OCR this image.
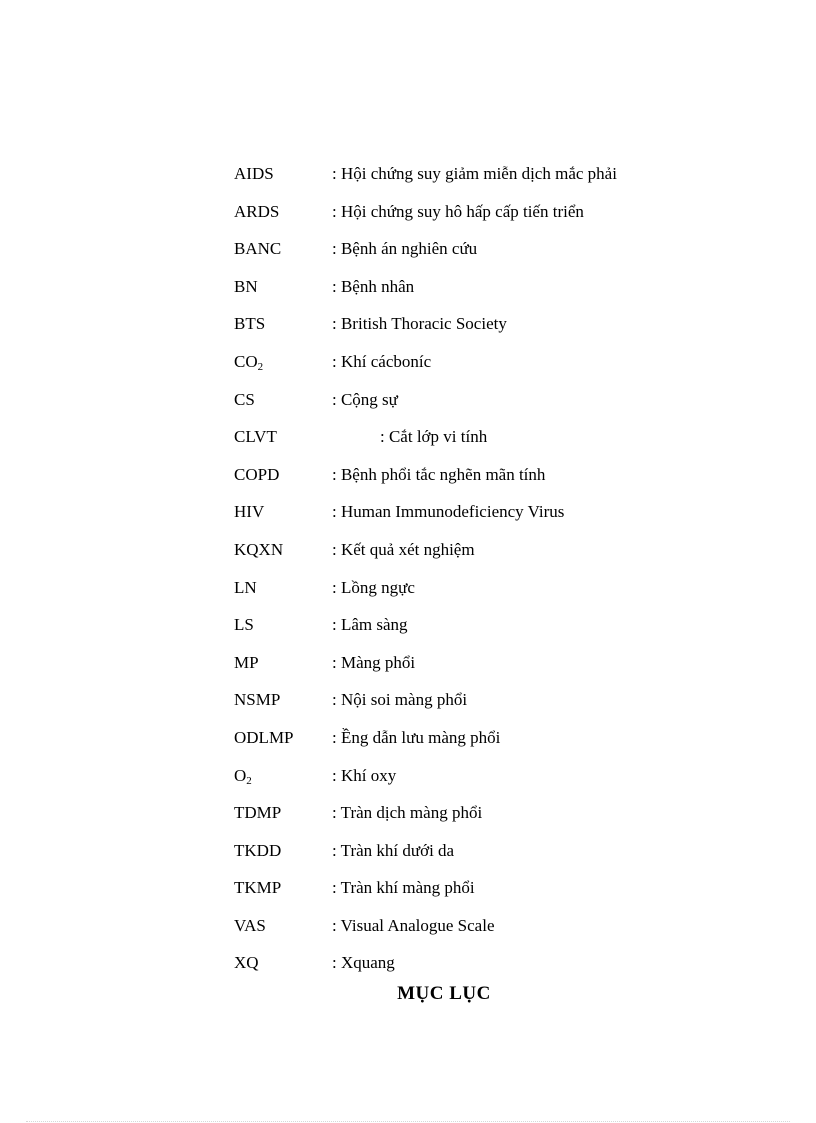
AIDS	: Hội chứng suy giảm miễn dịch mắc phải
ARDS	: Hội chứng suy hô hấp cấp tiến triển
BANC	: Bệnh án nghiên cứu
BN	: Bệnh nhân
BTS	: British Thoracic Society
$CO_2$	: Khí cácboníc
CS	: Cộng sự
CLVT	: Cắt lớp vi tính
COPD	: Bệnh phổi tắc nghẽn mãn tính
HIV	: Human Immunodeficiency Virus
KQXN	: Kết quả xét nghiệm
LN	: Lồng ngực
LS	: Lâm sàng
MP	: Màng phổi
NSMP	: Nội soi màng phổi
ODLMP : Ềng dẫn lưu màng phổi
$O_2$	: Khí oxy
TDMP	: Tràn dịch màng phổi
TKDD	: Tràn khí dưới da
TKMP	: Tràn khí màng phổi
VAS	: Visual Analogue Scale
XQ	: Xquang
MỤC LỤC
